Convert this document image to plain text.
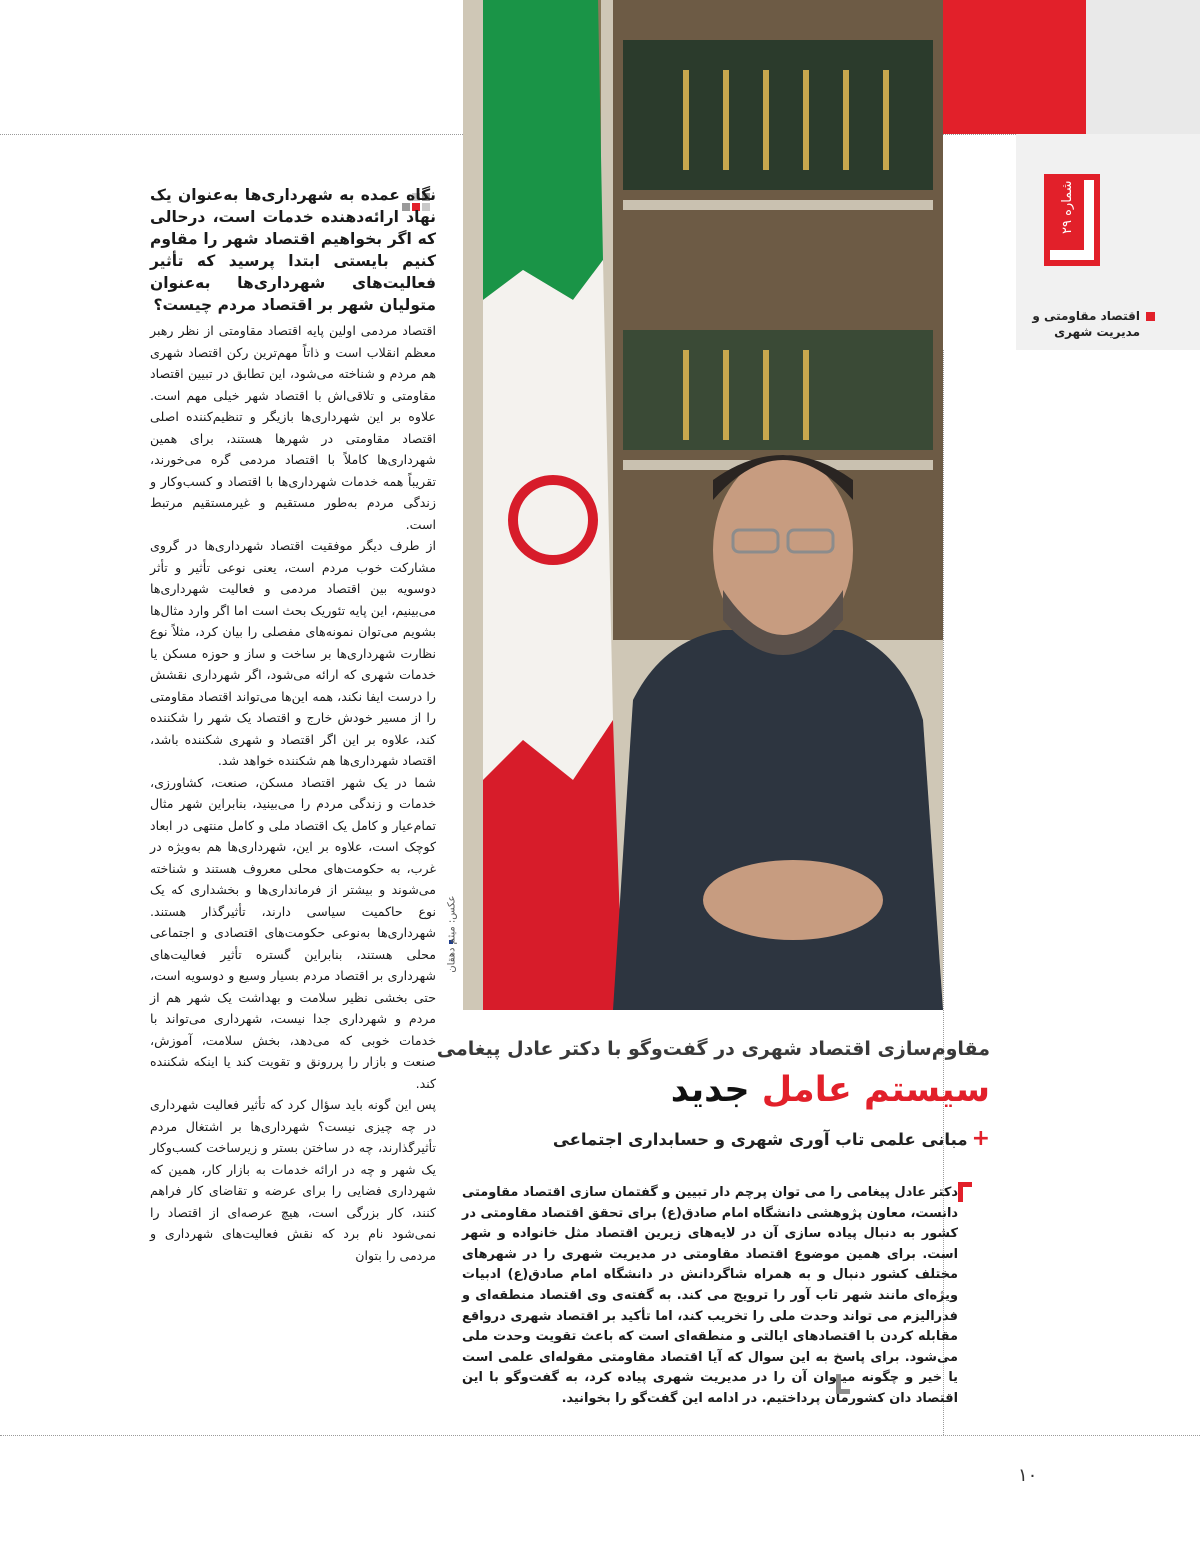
شماره ۲۹
اقتصاد مقاومتی و
مدیریت شهری
عکس: میثم دهقان
نگاه عمده به شهرداری‌ها به‌عنوان یک نهاد ارائه‌دهنده خدمات است، درحالی که اگر بخواهیم اقتصاد شهر را مقاوم کنیم بایستی ابتدا پرسید که تأثیر فعالیت‌های شهرداری‌ها به‌عنوان متولیان شهر بر اقتصاد مردم چیست؟

اقتصاد مردمی اولین پایه اقتصاد مقاومتی از نظر رهبر معظم انقلاب است و ذاتاً مهم‌ترین رکن اقتصاد شهری هم مردم و شناخته می‌شود، این تطابق در تبیین اقتصاد مقاومتی و تلاقی‌اش با اقتصاد شهر خیلی مهم است. علاوه بر این شهرداری‌ها بازیگر و تنظیم‌کننده اصلی اقتصاد مقاومتی در شهرها هستند، برای همین شهرداری‌ها کاملاً با اقتصاد مردمی گره می‌خورند، تقریباً همه خدمات شهرداری‌ها با اقتصاد و کسب‌وکار و زندگی مردم به‌طور مستقیم و غیرمستقیم مرتبط است.

از طرف دیگر موفقیت اقتصاد شهرداری‌ها در گروی مشارکت خوب مردم است، یعنی نوعی تأثیر و تأثر دوسویه بین اقتصاد مردمی و فعالیت شهرداری‌ها می‌بینیم، این پایه تئوریک بحث است اما اگر وارد مثال‌ها بشویم می‌توان نمونه‌های مفصلی را بیان کرد، مثلاً نوع نظارت شهرداری‌ها بر ساخت و ساز و حوزه مسکن یا خدمات شهری که ارائه می‌شود، اگر شهرداری نقشش را درست ایفا نکند، همه این‌ها می‌تواند اقتصاد مقاومتی را از مسیر خودش خارج و اقتصاد یک شهر را شکننده کند، علاوه بر این اگر اقتصاد و شهری شکننده باشد، اقتصاد شهرداری‌ها هم شکننده خواهد شد.

شما در یک شهر اقتصاد مسکن، صنعت، کشاورزی، خدمات و زندگی مردم را می‌بینید، بنابراین شهر مثال تمام‌عیار و کامل یک اقتصاد ملی و کامل منتهی در ابعاد کوچک است، علاوه بر این، شهرداری‌ها هم به‌ویژه در غرب، به حکومت‌های محلی معروف هستند و شناخته می‌شوند و بیشتر از فرمانداری‌ها و بخشداری که یک نوع حاکمیت سیاسی دارند، تأثیرگذار هستند. شهرداری‌ها به‌نوعی حکومت‌های اقتصادی و اجتماعی محلی هستند، بنابراین گستره تأثیر فعالیت‌های شهرداری بر اقتصاد مردم بسیار وسیع و دوسویه است، حتی بخشی نظیر سلامت و بهداشت یک شهر هم از مردم و شهرداری جدا نیست، شهرداری می‌تواند با خدمات خوبی که می‌دهد، بخش سلامت، آموزش، صنعت و بازار را پررونق و تقویت کند یا اینکه شکننده کند.

پس این گونه باید سؤال کرد که تأثیر فعالیت شهرداری در چه چیزی نیست؟ شهرداری‌ها بر اشتغال مردم تأثیرگذارند، چه در ساختن بستر و زیرساخت کسب‌وکار یک شهر و چه در ارائه خدمات به بازار کار، همین که شهرداری فضایی را برای عرضه و تقاضای کار فراهم کنند، کار بزرگی است، هیچ عرصه‌ای از اقتصاد را نمی‌شود نام برد که نقش فعالیت‌های شهرداری و مردمی را بتوان

مقاوم‌سازی اقتصاد شهری در گفت‌وگو با دکتر عادل پیغامی
سیستم عامل جدید
+مبانی علمی تاب آوری شهری و حسابداری اجتماعی
دکتر عادل پیغامی را می توان پرچم دار تبیین و گفتمان سازی اقتصاد مقاومتی دانست، معاون پژوهشی دانشگاه امام صادق(ع) برای تحقق اقتصاد مقاومتی در کشور به دنبال پیاده سازی آن در لایه‌های زیرین اقتصاد مثل خانواده و شهر است. برای همین موضوع اقتصاد مقاومتی در مدیریت شهری را در شهرهای مختلف کشور دنبال و به همراه شاگردانش در دانشگاه امام صادق(ع) ادبیات ویژه‌ای مانند شهر تاب آور را ترویج می کند. به گفته‌ی وی اقتصاد منطقه‌ای و فدرالیزم می تواند وحدت ملی را تخریب کند، اما تأکید بر اقتصاد شهری درواقع مقابله کردن با اقتصادهای ایالتی و منطقه‌ای است که باعث تقویت وحدت ملی می‌شود. برای پاسخ به این سوال که آیا اقتصاد مقاومتی مقوله‌ای علمی است یا خیر و چگونه میتوان آن را در مدیریت شهری پیاده کرد، به گفت‌وگو با این اقتصاد دان کشورمان پرداختیم. در ادامه این گفت‌گو را بخوانید.
۱۰
